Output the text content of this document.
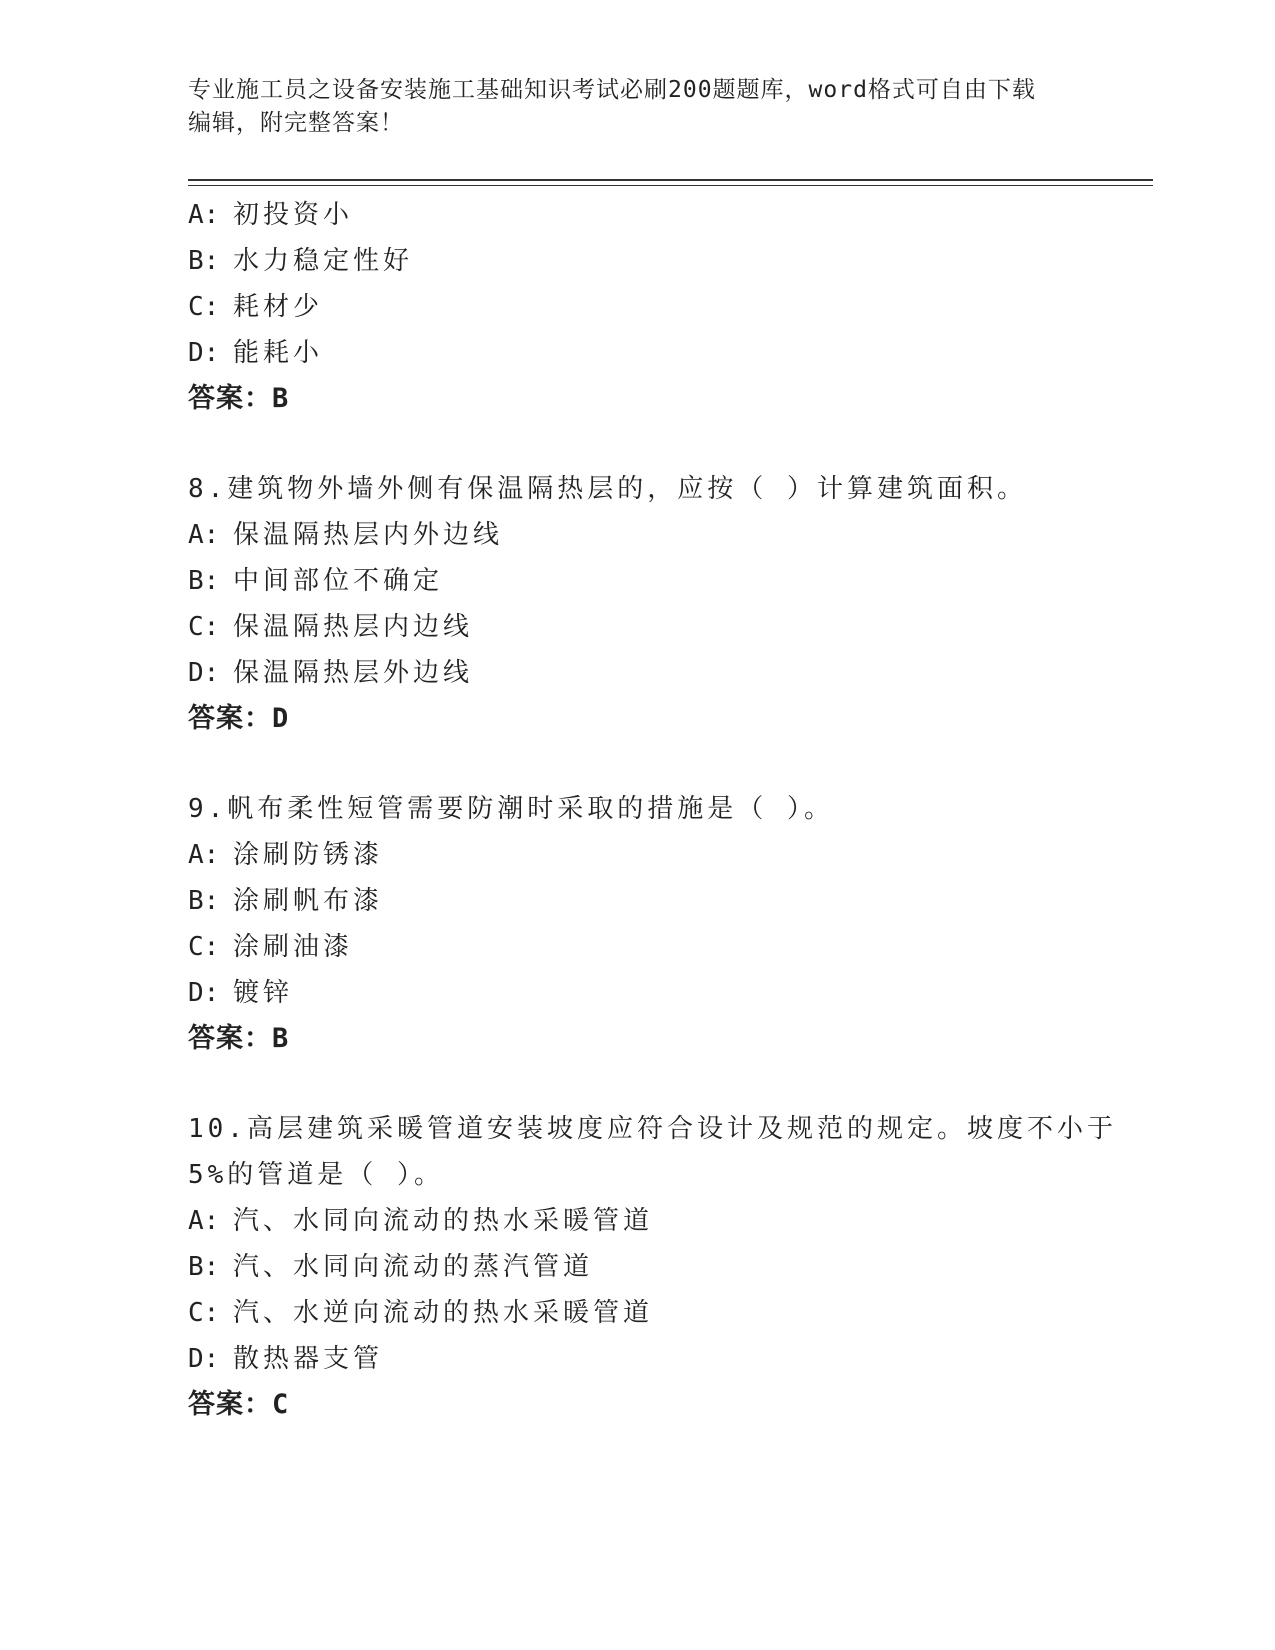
专业施工员之设备安装施工基础知识考试必刷200题题库，word格式可自由下载
编辑，附完整答案！
A: 初投资小
B: 水力稳定性好
C: 耗材少
D: 能耗小
答案：B
8.建筑物外墙外侧有保温隔热层的，应按（ ）计算建筑面积。
A: 保温隔热层内外边线
B: 中间部位不确定
C: 保温隔热层内边线
D: 保温隔热层外边线
答案：D
9.帆布柔性短管需要防潮时采取的措施是（ ）。
A: 涂刷防锈漆
B: 涂刷帆布漆
C: 涂刷油漆
D: 镀锌
答案：B
10.高层建筑采暖管道安装坡度应符合设计及规范的规定。坡度不小于
5%的管道是（ ）。
A: 汽、水同向流动的热水采暖管道
B: 汽、水同向流动的蒸汽管道
C: 汽、水逆向流动的热水采暖管道
D: 散热器支管
答案：C
